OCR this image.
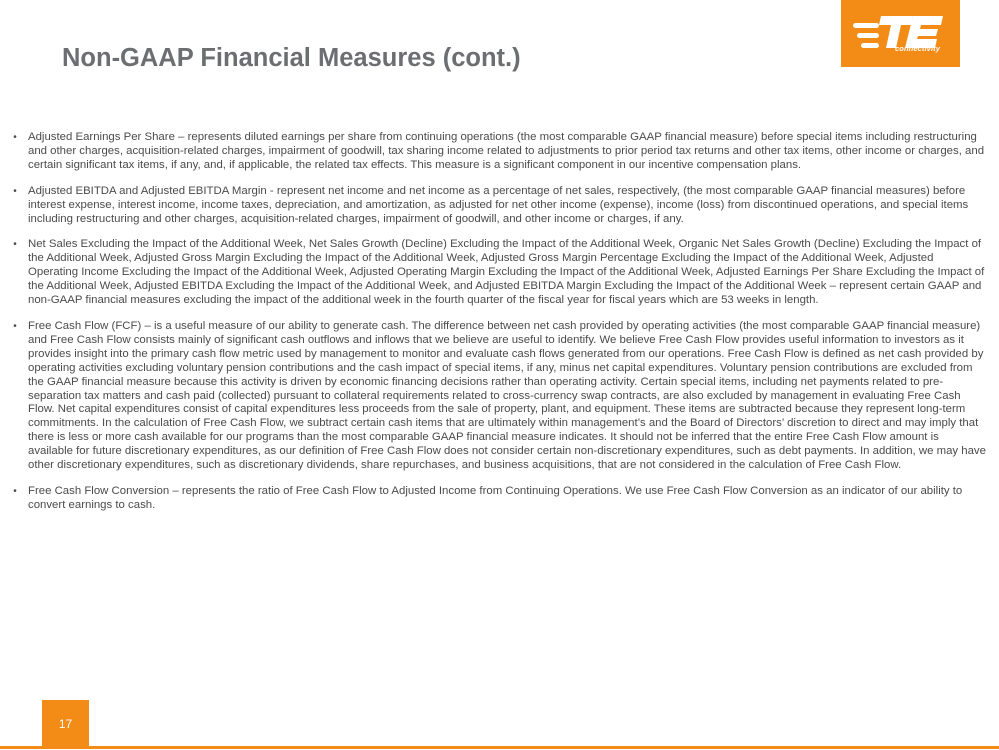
Non-GAAP Financial Measures (cont.)	connectivity
• Adjusted Earnings Per Share – represents diluted earnings per share from continuing operations (the most comparable GAAP financial measure) before special items including restructuring and other charges, acquisition-related charges, impairment of goodwill, tax sharing income related to adjustments to prior period tax returns and other tax items, other income or charges, and certain significant tax items, if any, and, if applicable, the related tax effects. This measure is a significant component in our incentive compensation plans.
• Adjusted EBITDA and Adjusted EBITDA Margin - represent net income and net income as a percentage of net sales, respectively, (the most comparable GAAP financial measures) before interest expense, interest income, income taxes, depreciation, and amortization, as adjusted for net other income (expense), income (loss) from discontinued operations, and special items including restructuring and other charges, acquisition-related charges, impairment of goodwill, and other income or charges, if any.
• Net Sales Excluding the Impact of the Additional Week, Net Sales Growth (Decline) Excluding the Impact of the Additional Week, Organic Net Sales Growth (Decline) Excluding the Impact of the Additional Week, Adjusted Gross Margin Excluding the Impact of the Additional Week, Adjusted Gross Margin Percentage Excluding the Impact of the Additional Week, Adjusted Operating Income Excluding the Impact of the Additional Week, Adjusted Operating Margin Excluding the Impact of the Additional Week, Adjusted Earnings Per Share Excluding the Impact of the Additional Week, Adjusted EBITDA Excluding the Impact of the Additional Week, and Adjusted EBITDA Margin Excluding the Impact of the Additional Week – represent certain GAAP and non-GAAP financial measures excluding the impact of the additional week in the fourth quarter of the fiscal year for fiscal years which are 53 weeks in length.
• Free Cash Flow (FCF) – is a useful measure of our ability to generate cash. The difference between net cash provided by operating activities (the most comparable GAAP financial measure) and Free Cash Flow consists mainly of significant cash outflows and inflows that we believe are useful to identify. We believe Free Cash Flow provides useful information to investors as it provides insight into the primary cash flow metric used by management to monitor and evaluate cash flows generated from our operations. Free Cash Flow is defined as net cash provided by operating activities excluding voluntary pension contributions and the cash impact of special items, if any, minus net capital expenditures. Voluntary pension contributions are excluded from the GAAP financial measure because this activity is driven by economic financing decisions rather than operating activity. Certain special items, including net payments related to pre-separation tax matters and cash paid (collected) pursuant to collateral requirements related to cross-currency swap contracts, are also excluded by management in evaluating Free Cash Flow. Net capital expenditures consist of capital expenditures less proceeds from the sale of property, plant, and equipment. These items are subtracted because they represent long-term commitments. In the calculation of Free Cash Flow, we subtract certain cash items that are ultimately within management’s and the Board of Directors’ discretion to direct and may imply that there is less or more cash available for our programs than the most comparable GAAP financial measure indicates. It should not be inferred that the entire Free Cash Flow amount is available for future discretionary expenditures, as our definition of Free Cash Flow does not consider certain non-discretionary expenditures, such as debt payments. In addition, we may have other discretionary expenditures, such as discretionary dividends, share repurchases, and business acquisitions, that are not considered in the calculation of Free Cash Flow.
• Free Cash Flow Conversion – represents the ratio of Free Cash Flow to Adjusted Income from Continuing Operations. We use Free Cash Flow Conversion as an indicator of our ability to convert earnings to cash.
17
